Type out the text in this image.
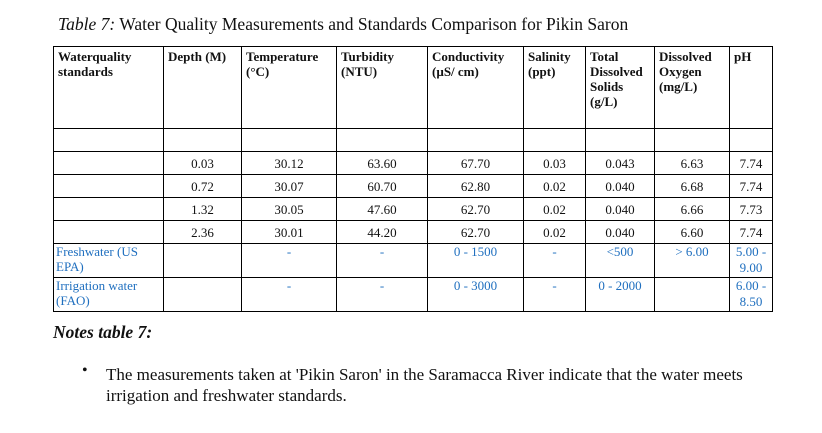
Table 7: Water Quality Measurements and Standards Comparison for Pikin Saron
Waterquality standards	Depth (M)	Temperature (°C)	Turbidity (NTU)	Conductivity (µS/ cm)	Salinity (ppt)	Total Dissolved Solids (g/L)	Dissolved Oxygen (mg/L)	pH

	0.03	30.12	63.60	67.70	0.03	0.043	6.63	7.74
	0.72	30.07	60.70	62.80	0.02	0.040	6.68	7.74
	1.32	30.05	47.60	62.70	0.02	0.040	6.66	7.73
	2.36	30.01	44.20	62.70	0.02	0.040	6.60	7.74
Freshwater (US EPA)		-	-	0 - 1500	-	<500	> 6.00	5.00 - 9.00
Irrigation water (FAO)		-	-	0 - 3000	-	0 - 2000		6.00 - 8.50
Notes table 7:
• The measurements taken at 'Pikin Saron' in the Saramacca River indicate that the water meets irrigation and freshwater standards.
